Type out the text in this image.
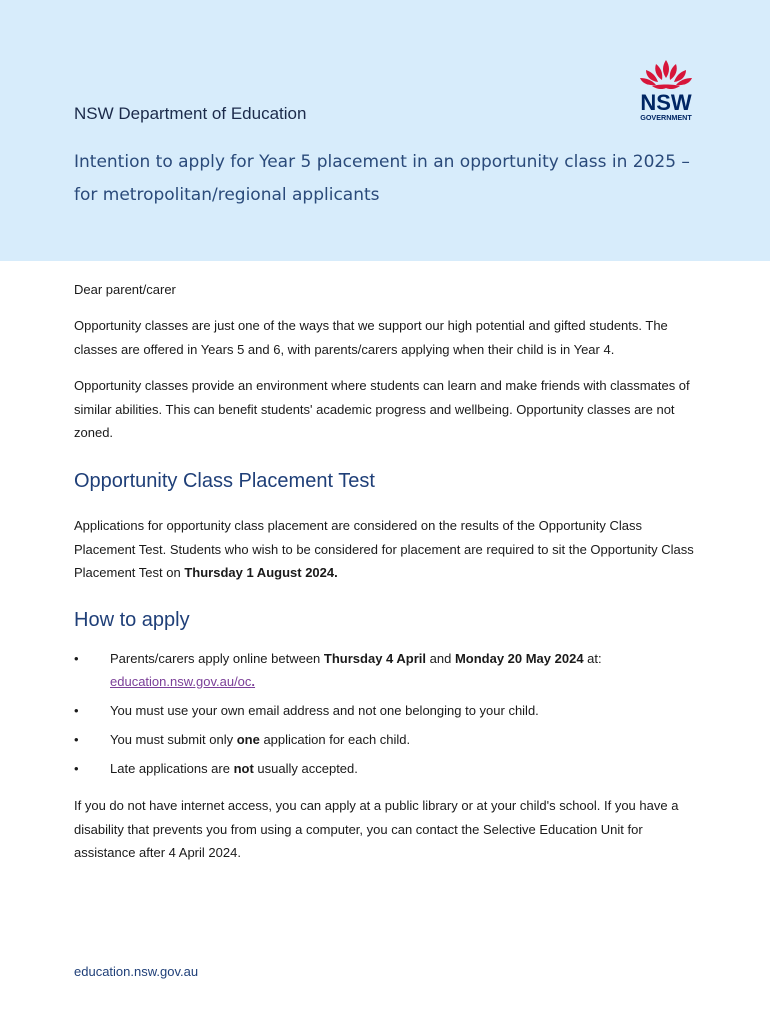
NSW Department of Education
Intention to apply for Year 5 placement in an opportunity class in 2025 – for metropolitan/regional applicants
NSW
GOVERNMENT

Dear parent/carer

Opportunity classes are just one of the ways that we support our high potential and gifted students. The classes are offered in Years 5 and 6, with parents/carers applying when their child is in Year 4.

Opportunity classes provide an environment where students can learn and make friends with classmates of similar abilities. This can benefit students' academic progress and wellbeing. Opportunity classes are not zoned.

Opportunity Class Placement Test

Applications for opportunity class placement are considered on the results of the Opportunity Class Placement Test. Students who wish to be considered for placement are required to sit the Opportunity Class Placement Test on Thursday 1 August 2024.

How to apply
• Parents/carers apply online between Thursday 4 April and Monday 20 May 2024 at:
education.nsw.gov.au/oc.
• You must use your own email address and not one belonging to your child.
• You must submit only one application for each child.
• Late applications are not usually accepted.

If you do not have internet access, you can apply at a public library or at your child's school. If you have a disability that prevents you from using a computer, you can contact the Selective Education Unit for assistance after 4 April 2024.

education.nsw.gov.au
